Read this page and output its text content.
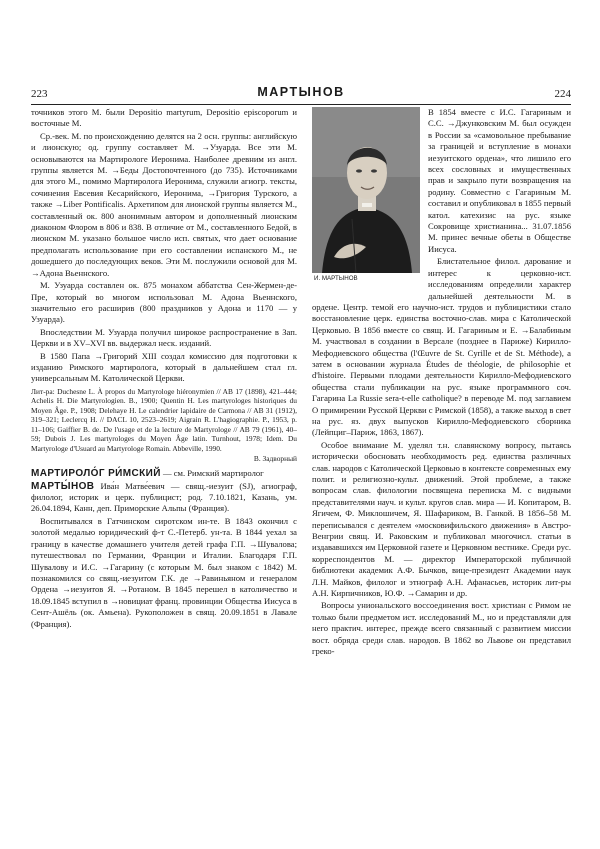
223	МАРТЫНОВ	224

точников этого М. были Depositio martyrum, Depositio episcoporum и восточные М.

Ср.-век. М. по происхождению делятся на 2 осн. группы: английскую и лионскую; од. группу составляет М. →Узуарда. Все эти М. основываются на Мартирологе Иеронима. Наиболее древним из англ. группы является М. →Беды Достопочтенного (до 735). Источниками для этого М., помимо Мартиролога Иеронима, служили агиогр. тексты, сочинения Евсевия Кесарийского, Иеронима, →Григория Турского, а также →Liber Pontificalis. Архетипом для лионской группы является М., составленный ок. 800 анонимным автором и дополненный лионским диаконом Флором в 806 и 838. В отличие от М., составленного Бедой, в лионском М. указано большое число исп. святых, что дает основание предполагать использование при его составлении испанского М., не дошедшего до последующих веков. Эти М. послужили основой для М. →Адона Вьеннского.

М. Узуарда составлен ок. 875 монахом аббатства Сен-Жермен-де-Пре, который во многом использовал М. Адона Вьеннского, значительно его расширив (800 праздников у Адона и 1170 — у Узуарда).

Впоследствии М. Узуарда получил широкое распространение в Зап. Церкви и в XV–XVI вв. выдержал неск. изданий.

В 1580 Папа →Григорий XIII создал комиссию для подготовки к изданию Римского мартиролога, который в дальнейшем стал гл. универсальным М. Католической Церкви.

Лит-ра: Duchesne L. À propos du Martyrologe hiéronymien // AB 17 (1898), 421–444; Achelis H. Die Martyrologien. B., 1900; Quentin H. Les martyrologes historiques du Moyen Âge. P., 1908; Delehaye H. Le calendrier lapidaire de Carmona // AB 31 (1912), 319–321; Leclercq H. // DACL 10, 2523–2619; Aigrain R. L'hagiographie. P., 1953, p. 11–106; Gaiffier B. de. De l'usage et de la lecture de Martyrologe // AB 79 (1961), 40–59; Dubois J. Les martyrologes du Moyen Âge latin. Turnhout, 1978; Idem. Du Martyrologe d'Usuard au Martyrologe Romain. Abbeville, 1990.

В. Задворный

МАРТИРОЛО́Г РИ́МСКИЙ — см. Римский мартиролог

МАРТЫ́НОВ Ива́н Матве́евич — свящ.-иезуит (SJ), агиограф, филолог, историк и церк. публицист; род. 7.10.1821, Казань, ум. 26.04.1894, Канн, деп. Приморские Альпы (Франция).

Воспитывался в Гатчинском сиротском ин-те. В 1843 окончил с золотой медалью юридический ф-т С.-Петерб. ун-та. В 1844 уехал за границу в качестве домашнего учителя детей графа Г.П. →Шувалова; путешествовал по Германии, Франции и Италии. Благодаря Г.П. Шувалову и И.С. →Гагарину (с которым М. был знаком с 1842) М. познакомился со свящ.-иезуитом Г.К. де →Равиньяном и генералом Ордена →иезуитов Я. →Ротаном. В 1845 перешел в католичество и 18.09.1845 вступил в →новициат франц. провинции Общества Иисуса в Сент-Ашёль (ок. Амьена). Рукоположен в свящ. 20.09.1851 в Лавале (Франция).

И. МАРТЫНОВ

В 1854 вместе с И.С. Гагариным и С.С. →Джунковским М. был осужден в России за «самовольное пребывание за границей и вступление в монахи иезуитского ордена», что лишило его всех сословных и имущественных прав и закрыло пути возвращения на родину. Совместно с Гагариным М. составил и опубликовал в 1855 первый катол. катехизис на рус. языке Сокровище христианина... 31.07.1856 М. принес вечные обеты в Обществе Иисуса.

Блистательное филол. дарование и интерес к церковно-ист. исследованиям определили характер дальнейшей деятельности М. в ордене. Центр. темой его научно-ист. трудов и публицистики стало восстановление церк. единства восточно-слав. мира с Католической Церковью. В 1856 вместе со свящ. И. Гагариным и Е. →Балабиным М. участвовал в создании в Версале (позднее в Париже) Кирилло-Мефодиевского общества (l'Œuvre de St. Cyrille et de St. Méthode), а затем в основании журнала Études de théologie, de philosophie et d'histoire. Первыми плодами деятельности Кирилло-Мефодиевского общества стали публикации на рус. языке программного соч. Гагарина La Russie sera-t-elle catholique? в переводе М. под заглавием О примирении Русской Церкви с Римской (1858), а также выход в свет на рус. яз. двух выпусков Кирилло-Мефодиевского сборника (Лейпциг–Париж, 1863, 1867).

Особое внимание М. уделял т.н. славянскому вопросу, пытаясь исторически обосновать необходимость ред. единства различных слав. народов с Католической Церковью в контексте современных ему полит. и религиозно-культ. движений. Этой проблеме, а также вопросам слав. филологии посвящена переписка М. с видными представителями науч. и культ. кругов слав. мира — И. Копитаром, В. Ягичем, Ф. Миклошичем, Я. Шафариком, В. Ганкой. В 1856–58 М. переписывался с деятелем «московифильского движения» в Австро-Венгрии свящ. И. Раковским и публиковал многочисл. статьи в издававшихся им Церковной газете и Церковном вестнике. Среди рус. корреспондентов М. — директор Императорской публичной библиотеки академик А.Ф. Бычков, вице-президент Академии наук Л.Н. Майков, филолог и этнограф А.Н. Афанасьев, историк лит-ры А.Н. Кирпичников, Ю.Ф. →Самарин и др.

Вопросы униональского воссоединения вост. христиан с Римом не только были предметом ист. исследований М., но и представляли для него практич. интерес, прежде всего связанный с развитием миссии вост. обряда среди слав. народов. В 1862 во Львове он представил греко-
